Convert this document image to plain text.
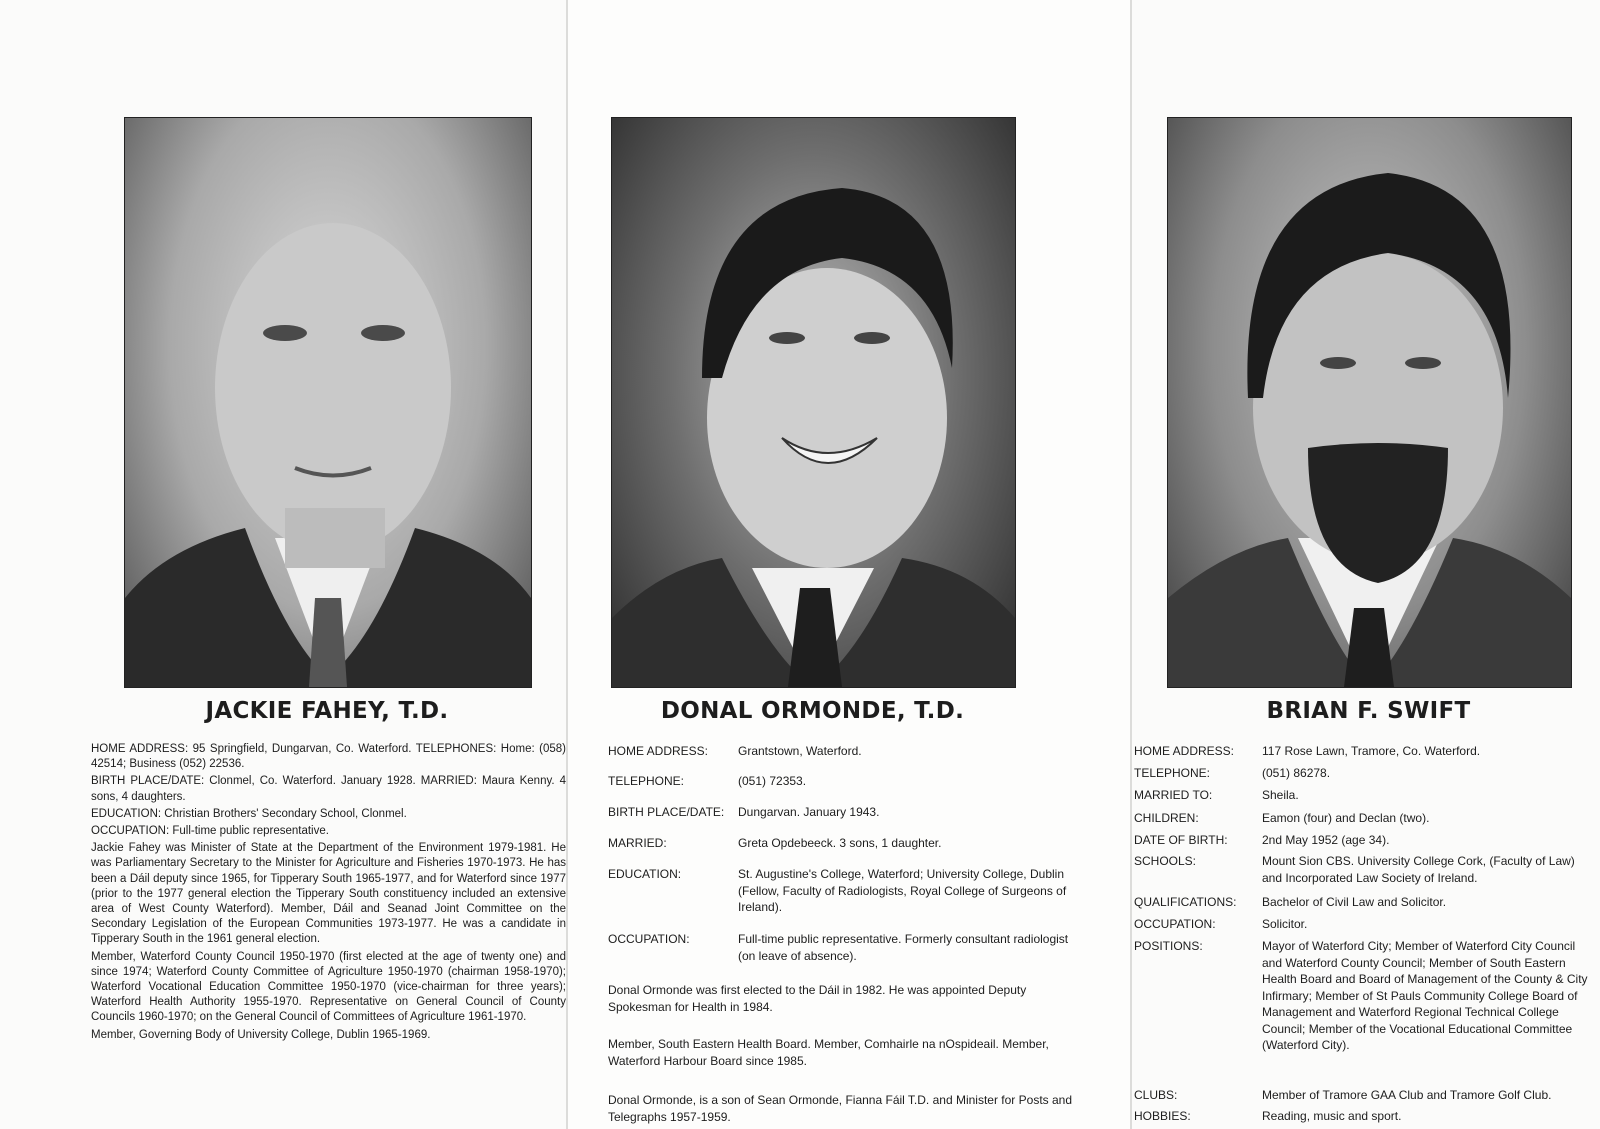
JACKIE FAHEY, T.D.

HOME ADDRESS: 95 Springfield, Dungarvan, Co. Waterford. TELEPHONES: Home: (058) 42514; Business (052) 22536.

BIRTH PLACE/DATE: Clonmel, Co. Waterford. January 1928. MARRIED: Maura Kenny. 4 sons, 4 daughters.

EDUCATION: Christian Brothers' Secondary School, Clonmel.

OCCUPATION: Full-time public representative.

Jackie Fahey was Minister of State at the Department of the Environment 1979-1981. He was Parliamentary Secretary to the Minister for Agriculture and Fisheries 1970-1973. He has been a Dáil deputy since 1965, for Tipperary South 1965-1977, and for Waterford since 1977 (prior to the 1977 general election the Tipperary South constituency included an extensive area of West County Waterford). Member, Dáil and Seanad Joint Committee on the Secondary Legislation of the European Communities 1973-1977. He was a candidate in Tipperary South in the 1961 general election.

Member, Waterford County Council 1950-1970 (first elected at the age of twenty one) and since 1974; Waterford County Committee of Agriculture 1950-1970 (chairman 1958-1970); Waterford Vocational Education Committee 1950-1970 (vice-chairman for three years); Waterford Health Authority 1955-1970. Representative on General Council of County Councils 1960-1970; on the General Council of Committees of Agriculture 1961-1970.

Member, Governing Body of University College, Dublin 1965-1969.

DONAL ORMONDE, T.D.
HOME ADDRESS:	Grantstown, Waterford.
TELEPHONE:	(051) 72353.
BIRTH PLACE/DATE:	Dungarvan. January 1943.
MARRIED:	Greta Opdebeeck. 3 sons, 1 daughter.
EDUCATION:	St. Augustine's College, Waterford; University College, Dublin (Fellow, Faculty of Radiologists, Royal College of Surgeons of Ireland).
OCCUPATION:	Full-time public representative. Formerly consultant radiologist (on leave of absence).
Donal Ormonde was first elected to the Dáil in 1982. He was appointed Deputy Spokesman for Health in 1984.
Member, South Eastern Health Board. Member, Comhairle na nOspideail. Member, Waterford Harbour Board since 1985.
Donal Ormonde, is a son of Sean Ormonde, Fianna Fáil T.D. and Minister for Posts and Telegraphs 1957-1959.
BRIAN F. SWIFT
HOME ADDRESS:	117 Rose Lawn, Tramore, Co. Waterford.
TELEPHONE:	(051) 86278.
MARRIED TO:	Sheila.
CHILDREN:	Eamon (four) and Declan (two).
DATE OF BIRTH:	2nd May 1952 (age 34).
SCHOOLS:	Mount Sion CBS. University College Cork, (Faculty of Law) and Incorporated Law Society of Ireland.
QUALIFICATIONS:	Bachelor of Civil Law and Solicitor.
OCCUPATION:	Solicitor.
POSITIONS:	Mayor of Waterford City; Member of Waterford City Council and Waterford County Council; Member of South Eastern Health Board and Board of Management of the County & City Infirmary; Member of St Pauls Community College Board of Management and Waterford Regional Technical College Council; Member of the Vocational Educational Committee (Waterford City).
CLUBS:	Member of Tramore GAA Club and Tramore Golf Club.
HOBBIES:	Reading, music and sport.
